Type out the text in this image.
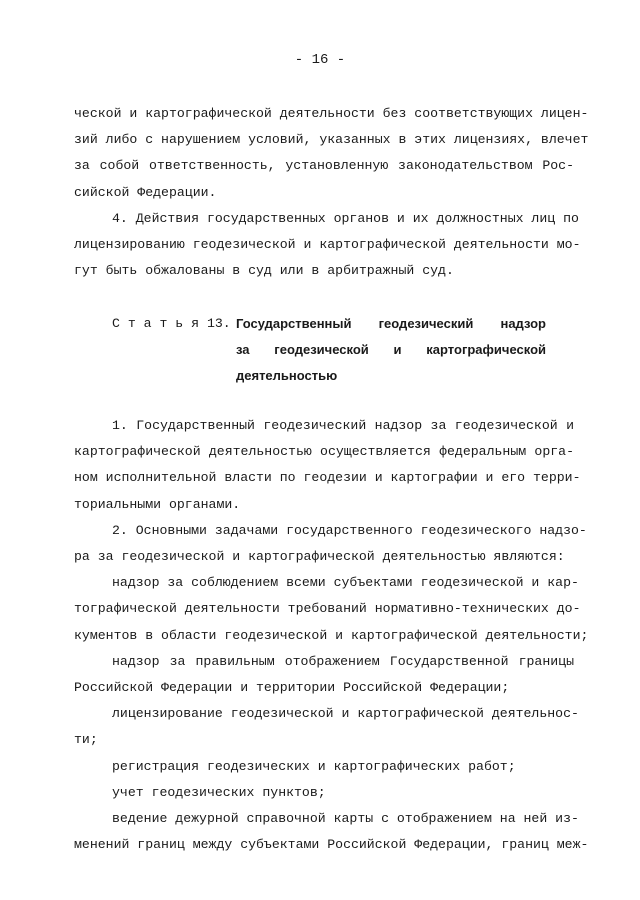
- 16 -
ческой и картографической деятельности без соответствующих лицен-
зий либо с нарушением условий, указанных в этих лицензиях, влечет
за собой ответственность, установленную законодательством Рос-
сийской Федерации.
4. Действия государственных органов и их должностных лиц по
лицензированию геодезической и картографической деятельности мо-
гут быть обжалованы в суд или в арбитражный суд.
С т а т ь я 13. Государственный геодезический надзор
за геодезической и картографической
деятельностью
1. Государственный геодезический надзор за геодезической и
картографической деятельностью осуществляется федеральным орга-
ном исполнительной власти по геодезии и картографии и его терри-
ториальными органами.
2. Основными задачами государственного геодезического надзо-
ра за геодезической и картографической деятельностью являются:
надзор за соблюдением всеми субъектами геодезической и кар-
тографической деятельности требований нормативно-технических до-
кументов в области геодезической и картографической деятельности;
надзор за правильным отображением Государственной границы
Российской Федерации и территории Российской Федерации;
лицензирование геодезической и картографической деятельнос-
ти;
регистрация геодезических и картографических работ;
учет геодезических пунктов;
ведение дежурной справочной карты с отображением на ней из-
менений границ между субъектами Российской Федерации, границ меж-
